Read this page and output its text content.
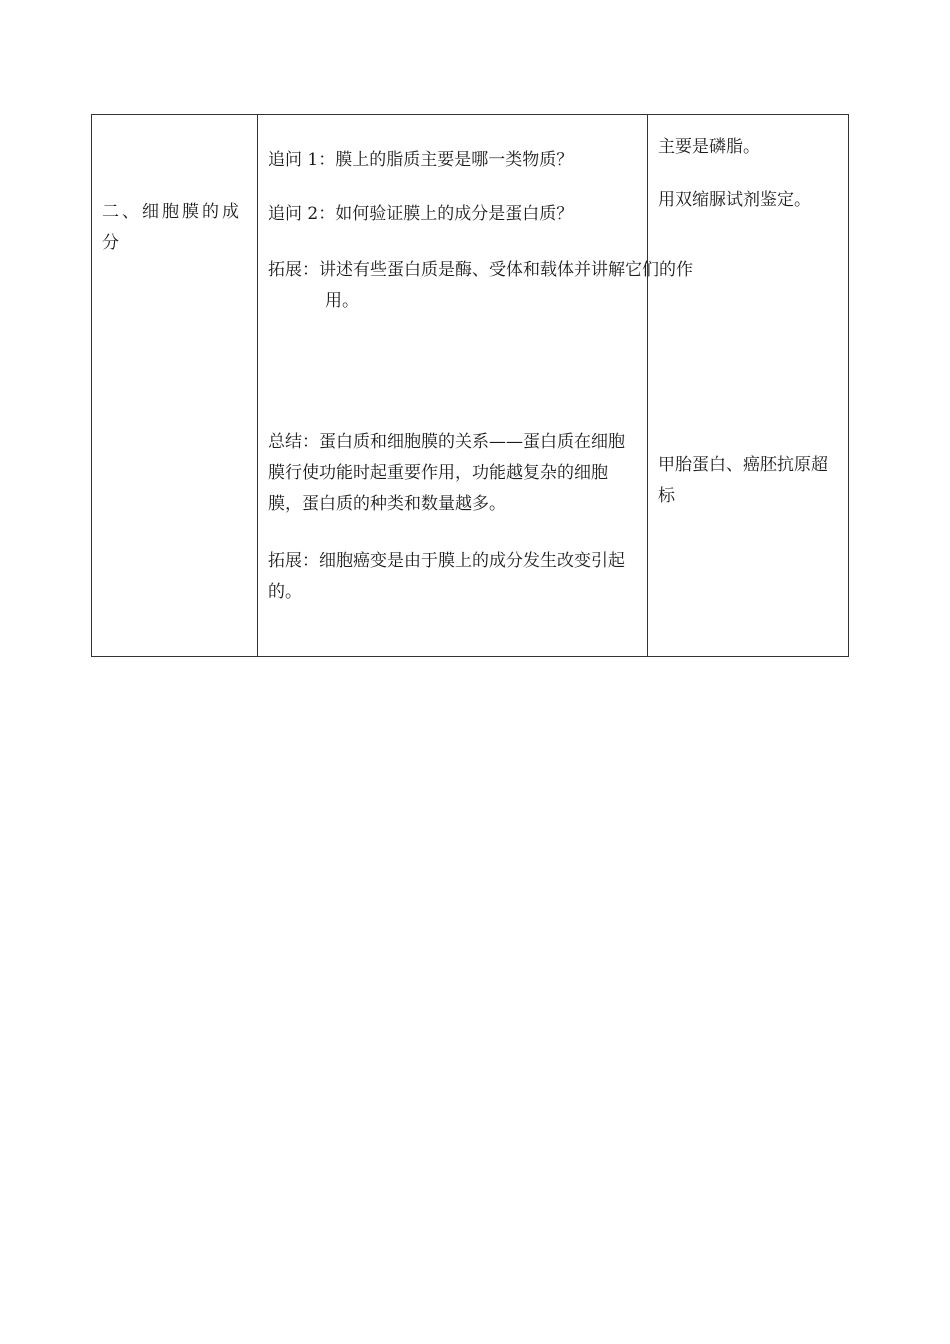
二、细胞膜的成分
追问 1：膜上的脂质主要是哪一类物质？
追问 2：如何验证膜上的成分是蛋白质？
拓展：讲述有些蛋白质是酶、受体和载体并讲解它们的作用。
总结：蛋白质和细胞膜的关系——蛋白质在细胞膜行使功能时起重要作用，功能越复杂的细胞膜，蛋白质的种类和数量越多。
拓展：细胞癌变是由于膜上的成分发生改变引起的。
主要是磷脂。
用双缩脲试剂鉴定。
甲胎蛋白、癌胚抗原超标
